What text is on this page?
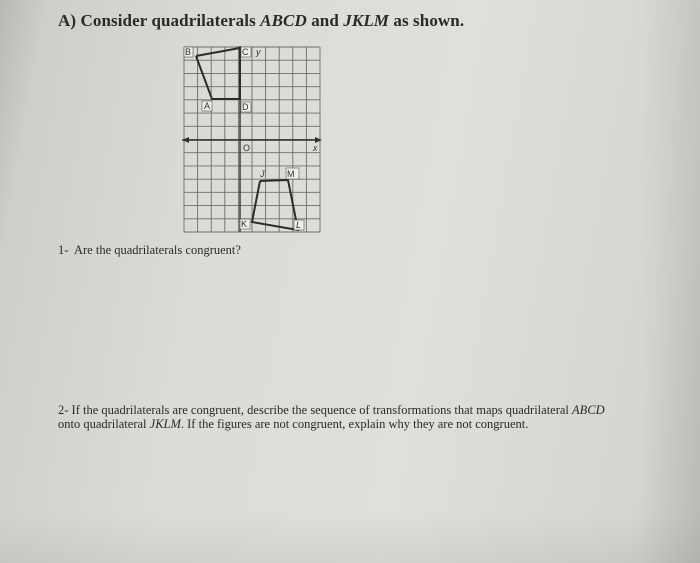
A) Consider quadrilaterals ABCD and JKLM as shown.
B	C y
A	D
O	x
J	M
K	L
1- Are the quadrilaterals congruent?
2- If the quadrilaterals are congruent, describe the sequence of transformations that maps quadrilateral ABCD
onto quadrilateral JKLM. If the figures are not congruent, explain why they are not congruent.
